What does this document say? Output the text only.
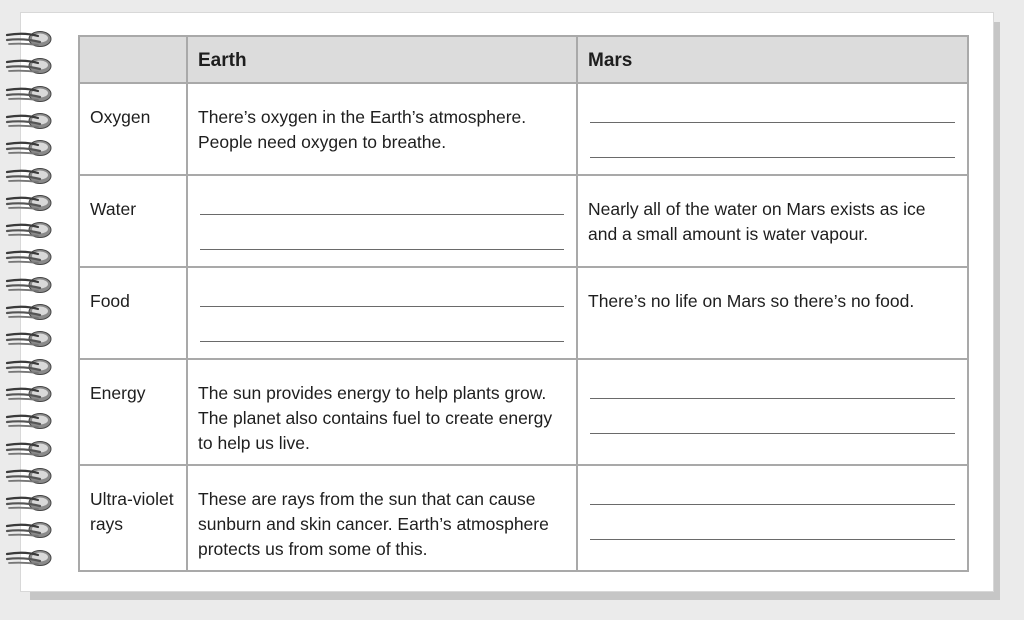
	Earth	Mars
Oxygen	There’s oxygen in the Earth’s atmosphere. People need oxygen to breathe.	

Water		Nearly all of the water on Mars exists as ice and a small amount is water vapour.
Food		There’s no life on Mars so there’s no food.
Energy	The sun provides energy to help plants grow. The planet also contains fuel to create energy to help us live.	

Ultra-violet rays	These are rays from the sun that can cause sunburn and skin cancer. Earth’s atmosphere protects us from some of this.	
